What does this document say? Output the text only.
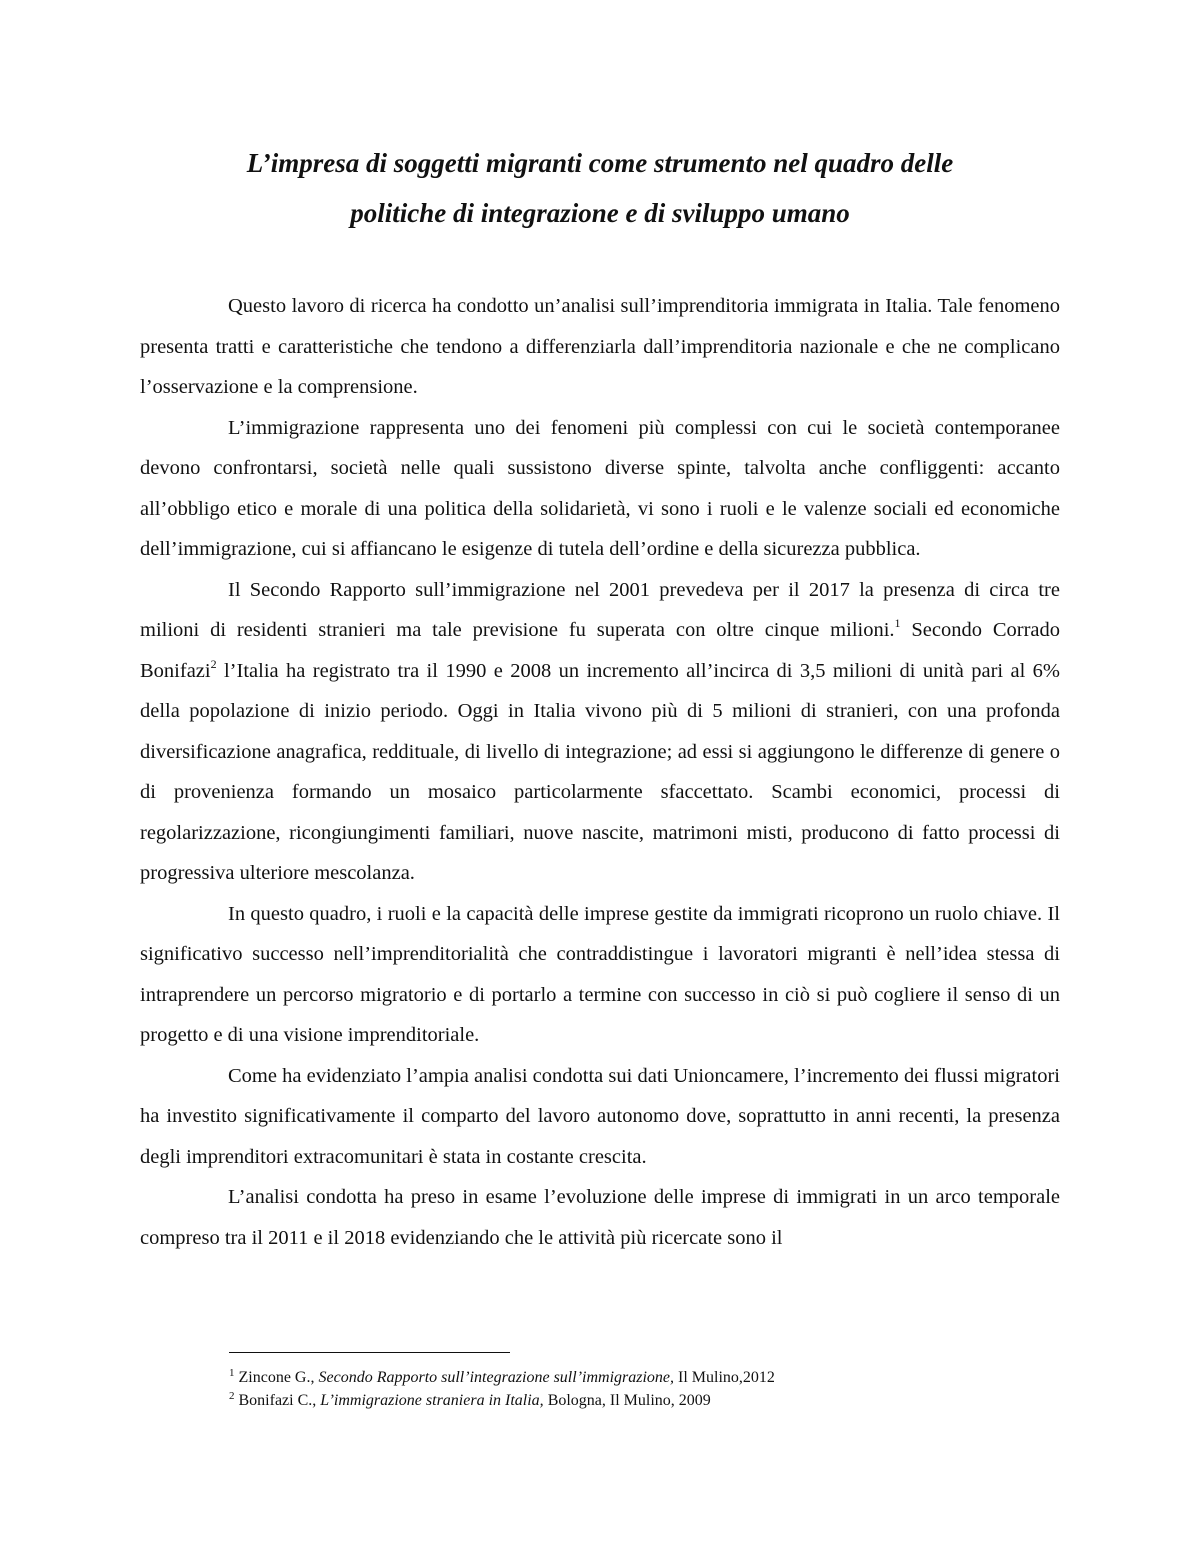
L’impresa di soggetti migranti come strumento nel quadro delle
politiche di integrazione e di sviluppo umano

Questo lavoro di ricerca ha condotto un’analisi sull’imprenditoria immigrata in Italia. Tale fenomeno presenta tratti e caratteristiche che tendono a differenziarla dall’imprenditoria nazionale e che ne complicano l’osservazione e la comprensione.

L’immigrazione rappresenta uno dei fenomeni più complessi con cui le società contemporanee devono confrontarsi, società nelle quali sussistono diverse spinte, talvolta anche confliggenti: accanto all’obbligo etico e morale di una politica della solidarietà, vi sono i ruoli e le valenze sociali ed economiche dell’immigrazione, cui si affiancano le esigenze di tutela dell’ordine e della sicurezza pubblica.

Il Secondo Rapporto sull’immigrazione nel 2001 prevedeva per il 2017 la presenza di circa tre milioni di residenti stranieri ma tale previsione fu superata con oltre cinque milioni.$^1$ Secondo Corrado Bonifazi$^2$ l’Italia ha registrato tra il 1990 e 2008 un incremento all’incirca di 3,5 milioni di unità pari al 6% della popolazione di inizio periodo. Oggi in Italia vivono più di 5 milioni di stranieri, con una profonda diversificazione anagrafica, reddituale, di livello di integrazione; ad essi si aggiungono le differenze di genere o di provenienza formando un mosaico particolarmente sfaccettato. Scambi economici, processi di regolarizzazione, ricongiungimenti familiari, nuove nascite, matrimoni misti, producono di fatto processi di progressiva ulteriore mescolanza.

In questo quadro, i ruoli e la capacità delle imprese gestite da immigrati ricoprono un ruolo chiave. Il significativo successo nell’imprenditorialità che contraddistingue i lavoratori migranti è nell’idea stessa di intraprendere un percorso migratorio e di portarlo a termine con successo in ciò si può cogliere il senso di un progetto e di una visione imprenditoriale.

Come ha evidenziato l’ampia analisi condotta sui dati Unioncamere, l’incremento dei flussi migratori ha investito significativamente il comparto del lavoro autonomo dove, soprattutto in anni recenti, la presenza degli imprenditori extracomunitari è stata in costante crescita.

L’analisi condotta ha preso in esame l’evoluzione delle imprese di immigrati in un arco temporale compreso tra il 2011 e il 2018 evidenziando che le attività più ricercate sono il

$^1$ Zincone G., Secondo Rapporto sull’integrazione sull’immigrazione, Il Mulino,2012

$^2$ Bonifazi C., L’immigrazione straniera in Italia, Bologna, Il Mulino, 2009
